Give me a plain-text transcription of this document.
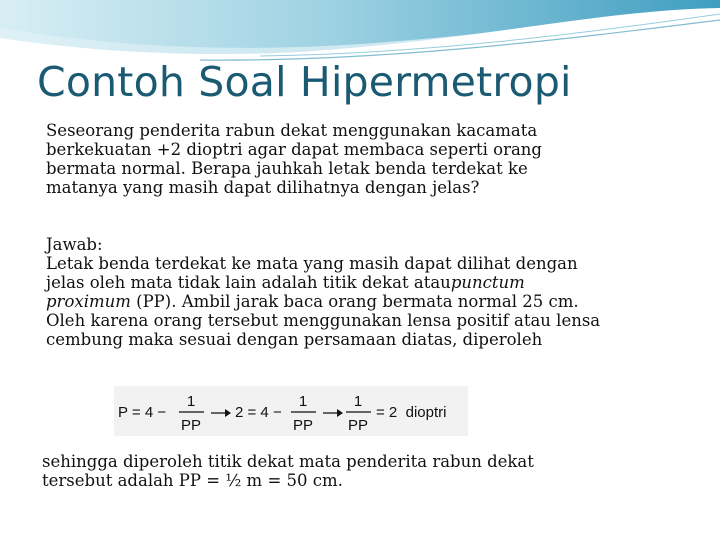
Contoh Soal Hipermetropi

Seseorang penderita rabun dekat menggunakan kacamata

berkekuatan +2 dioptri agar dapat membaca seperti orang

bermata normal. Berapa jauhkah letak benda terdekat ke

matanya yang masih dapat dilihatnya dengan jelas?

Jawab:

Letak benda terdekat ke mata yang masih dapat dilihat dengan

jelas oleh mata tidak lain adalah titik dekat ataupunctum

proximum (PP). Ambil jarak baca orang bermata normal 25 cm.

Oleh karena orang tersebut menggunakan lensa positif atau lensa

cembung maka sesuai dengan persamaan diatas, diperoleh

P = 4 −
1
PP
2 = 4 −
1
PP
1
PP
= 2  dioptri

sehingga diperoleh titik dekat mata penderita rabun dekat

tersebut adalah PP = ½ m = 50 cm.
